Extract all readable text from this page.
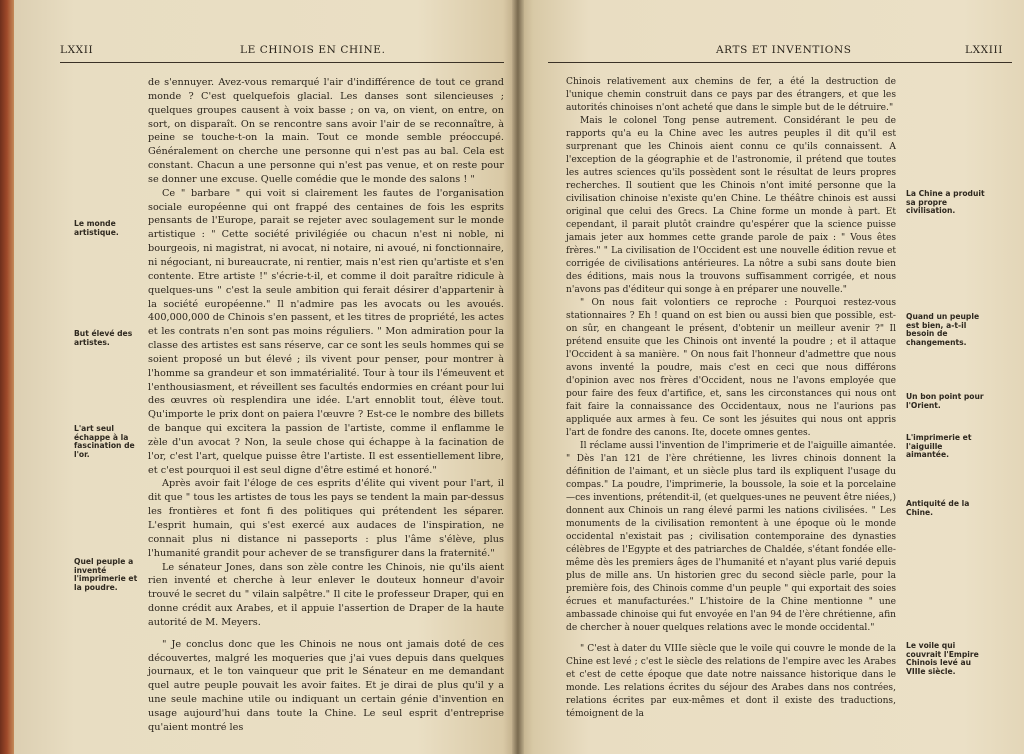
LXXII	LE CHINOIS EN CHINE.
Le monde artistique.
But élevé des artistes.
L'art seul échappe à la fascination de l'or.
Quel peuple a inventé l'imprimerie et la poudre.

de s'ennuyer. Avez-vous remarqué l'air d'indifférence de tout ce grand monde ? C'est quelquefois glacial. Les danses sont silencieuses ; quelques groupes causent à voix basse ; on va, on vient, on entre, on sort, on disparaît. On se rencontre sans avoir l'air de se reconnaître, à peine se touche-t-on la main. Tout ce monde semble préoccupé. Généralement on cherche une personne qui n'est pas au bal. Cela est constant. Chacun a une personne qui n'est pas venue, et on reste pour se donner une excuse. Quelle comédie que le monde des salons ! "

Ce " barbare " qui voit si clairement les fautes de l'organisation sociale européenne qui ont frappé des centaines de fois les esprits pensants de l'Europe, parait se rejeter avec soulagement sur le monde artistique : " Cette société privilégiée ou chacun n'est ni noble, ni bourgeois, ni magistrat, ni avocat, ni notaire, ni avoué, ni fonctionnaire, ni négociant, ni bureaucrate, ni rentier, mais n'est rien qu'artiste et s'en contente. Etre artiste !" s'écrie-t-il, et comme il doit paraître ridicule à quelques-uns " c'est la seule ambition qui ferait désirer d'appartenir à la société européenne." Il n'admire pas les avocats ou les avoués. 400,000,000 de Chinois s'en passent, et les titres de propriété, les actes et les contrats n'en sont pas moins réguliers. " Mon admiration pour la classe des artistes est sans réserve, car ce sont les seuls hommes qui se soient proposé un but élevé ; ils vivent pour penser, pour montrer à l'homme sa grandeur et son immatérialité. Tour à tour ils l'émeuvent et l'enthousiasment, et réveillent ses facultés endormies en créant pour lui des œuvres où resplendira une idée. L'art ennoblit tout, élève tout. Qu'importe le prix dont on paiera l'œuvre ? Est-ce le nombre des billets de banque qui excitera la passion de l'artiste, comme il enflamme le zèle d'un avocat ? Non, la seule chose qui échappe à la facination de l'or, c'est l'art, quelque puisse être l'artiste. Il est essentiellement libre, et c'est pourquoi il est seul digne d'être estimé et honoré."

Après avoir fait l'éloge de ces esprits d'élite qui vivent pour l'art, il dit que " tous les artistes de tous les pays se tendent la main par-dessus les frontières et font fi des politiques qui prétendent les séparer. L'esprit humain, qui s'est exercé aux audaces de l'inspiration, ne connait plus ni distance ni passeports : plus l'âme s'élève, plus l'humanité grandit pour achever de se transfigurer dans la fraternité."

Le sénateur Jones, dans son zèle contre les Chinois, nie qu'ils aient rien inventé et cherche à leur enlever le douteux honneur d'avoir trouvé le secret du " vilain salpêtre." Il cite le professeur Draper, qui en donne crédit aux Arabes, et il appuie l'assertion de Draper de la haute autorité de M. Meyers.

" Je conclus donc que les Chinois ne nous ont jamais doté de ces découvertes, malgré les moqueries que j'ai vues depuis dans quelques journaux, et le ton vainqueur que prit le Sénateur en me demandant quel autre peuple pouvait les avoir faites. Et je dirai de plus qu'il y a une seule machine utile ou indiquant un certain génie d'invention en usage aujourd'hui dans toute la Chine. Le seul esprit d'entreprise qu'aient montré les

ARTS ET INVENTIONS	LXXIII

Chinois relativement aux chemins de fer, a été la destruction de l'unique chemin construit dans ce pays par des étrangers, et que les autorités chinoises n'ont acheté que dans le simple but de le détruire."

Mais le colonel Tong pense autrement. Considérant le peu de rapports qu'a eu la Chine avec les autres peuples il dit qu'il est surprenant que les Chinois aient connu ce qu'ils connaissent. A l'exception de la géographie et de l'astronomie, il prétend que toutes les autres sciences qu'ils possèdent sont le résultat de leurs propres recherches. Il soutient que les Chinois n'ont imité personne que la civilisation chinoise n'existe qu'en Chine. Le théâtre chinois est aussi original que celui des Grecs. La Chine forme un monde à part. Et cependant, il parait plutôt craindre qu'espérer que la science puisse jamais jeter aux hommes cette grande parole de paix : " Vous êtes frères." " La civilisation de l'Occident est une nouvelle édition revue et corrigée de civilisations antérieures. La nôtre a subi sans doute bien des éditions, mais nous la trouvons suffisamment corrigée, et nous n'avons pas d'éditeur qui songe à en préparer une nouvelle."

" On nous fait volontiers ce reproche : Pourquoi restez-vous stationnaires ? Eh ! quand on est bien ou aussi bien que possible, est-on sûr, en changeant le présent, d'obtenir un meilleur avenir ?" Il prétend ensuite que les Chinois ont inventé la poudre ; et il attaque l'Occident à sa manière. " On nous fait l'honneur d'admettre que nous avons inventé la poudre, mais c'est en ceci que nous différons d'opinion avec nos frères d'Occident, nous ne l'avons employée que pour faire des feux d'artifice, et, sans les circonstances qui nous ont fait faire la connaissance des Occidentaux, nous ne l'aurions pas appliquée aux armes à feu. Ce sont les jésuites qui nous ont appris l'art de fondre des canons. Ite, docete omnes gentes.

Il réclame aussi l'invention de l'imprimerie et de l'aiguille aimantée. " Dès l'an 121 de l'ère chrétienne, les livres chinois donnent la définition de l'aimant, et un siècle plus tard ils expliquent l'usage du compas." La poudre, l'imprimerie, la boussole, la soie et la porcelaine—ces inventions, prétendit-il, (et quelques-unes ne peuvent être niées,) donnent aux Chinois un rang élevé parmi les nations civilisées. " Les monuments de la civilisation remontent à une époque où le monde occidental n'existait pas ; civilisation contemporaine des dynasties célèbres de l'Egypte et des patriarches de Chaldée, s'étant fondée elle-même dès les premiers âges de l'humanité et n'ayant plus varié depuis plus de mille ans. Un historien grec du second siècle parle, pour la première fois, des Chinois comme d'un peuple " qui exportait des soies écrues et manufacturées." L'histoire de la Chine mentionne " une ambassade chinoise qui fut envoyée en l'an 94 de l'ère chrétienne, afin de chercher à nouer quelques relations avec le monde occidental."

" C'est à dater du VIIIe siècle que le voile qui couvre le monde de la Chine est levé ; c'est le siècle des relations de l'empire avec les Arabes et c'est de cette époque que date notre naissance historique dans le monde. Les relations écrites du séjour des Arabes dans nos contrées, relations écrites par eux-mêmes et dont il existe des traductions, témoignent de la

La Chine a produit sa propre civilisation.
Quand un peuple est bien, a-t-il besoin de changements.
Un bon point pour l'Orient.
L'imprimerie et l'aiguille aimantée.
Antiquité de la Chine.
Le voile qui couvrait l'Empire Chinois levé au VIIIe siècle.
